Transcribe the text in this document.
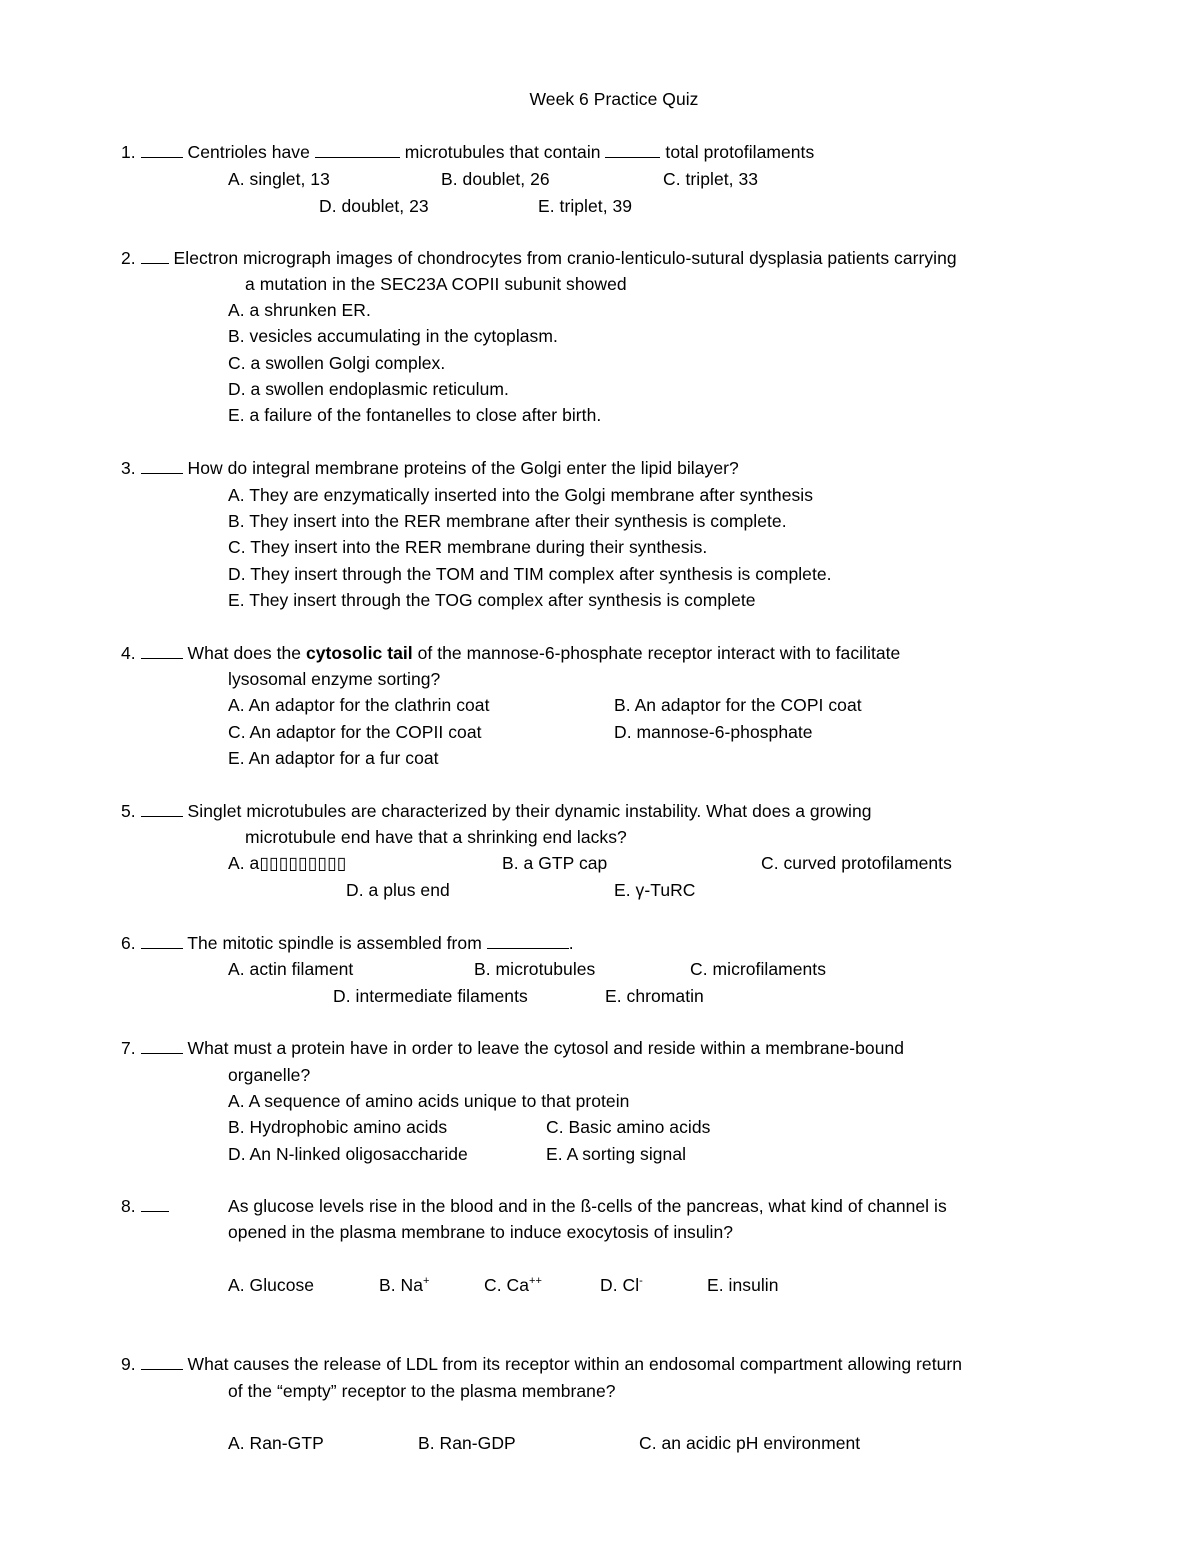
Week 6 Practice Quiz
1.	Centrioles have	microtubules that contain	total protofilaments
A. singlet, 13	B. doublet, 26	C. triplet, 33
D. doublet, 23	E. triplet, 39
2. Electron micrograph images of chondrocytes from cranio-lenticulo-sutural dysplasia patients carrying
a mutation in the SEC23A COPII subunit showed
A. a shrunken ER.
B. vesicles accumulating in the cytoplasm.
C. a swollen Golgi complex.
D. a swollen endoplasmic reticulum.
E. a failure of the fontanelles to close after birth.
3.	How do integral membrane proteins of the Golgi enter the lipid bilayer?
A. They are enzymatically inserted into the Golgi membrane after synthesis
B. They insert into the RER membrane after their synthesis is complete.
C. They insert into the RER membrane during their synthesis.
D. They insert through the TOM and TIM complex after synthesis is complete.
E. They insert through the TOG complex after synthesis is complete
4.	What does the cytosolic tail of the mannose-6-phosphate receptor interact with to facilitate
lysosomal enzyme sorting?
A. An adaptor for the clathrin coat	B. An adaptor for the COPI coat
C. An adaptor for the COPII coat	D. mannose-6-phosphate
E. An adaptor for a fur coat
5.	Singlet microtubules are characterized by their dynamic instability. What does a growing
microtubule end have that a shrinking end lacks?
A. a▯▯▯▯▯▯▯▯▯	B. a GTP cap	C. curved protofilaments
D. a plus end	E. γ-TuRC
6.	The mitotic spindle is assembled from	.
A. actin filament	B. microtubules	C. microfilaments
D. intermediate filaments	E. chromatin
7.	What must a protein have in order to leave the cytosol and reside within a membrane-bound
organelle?
A. A sequence of amino acids unique to that protein
B. Hydrophobic amino acids	C. Basic amino acids
D. An N-linked oligosaccharide	E. A sorting signal
8.	As glucose levels rise in the blood and in the ß-cells of the pancreas, what kind of channel is
opened in the plasma membrane to induce exocytosis of insulin?
A. Glucose	B. Na+	C. Ca++	D. Cl-	E. insulin
9.	What causes the release of LDL from its receptor within an endosomal compartment allowing return
of the “empty” receptor to the plasma membrane?
A. Ran-GTP	B. Ran-GDP	C. an acidic pH environment
